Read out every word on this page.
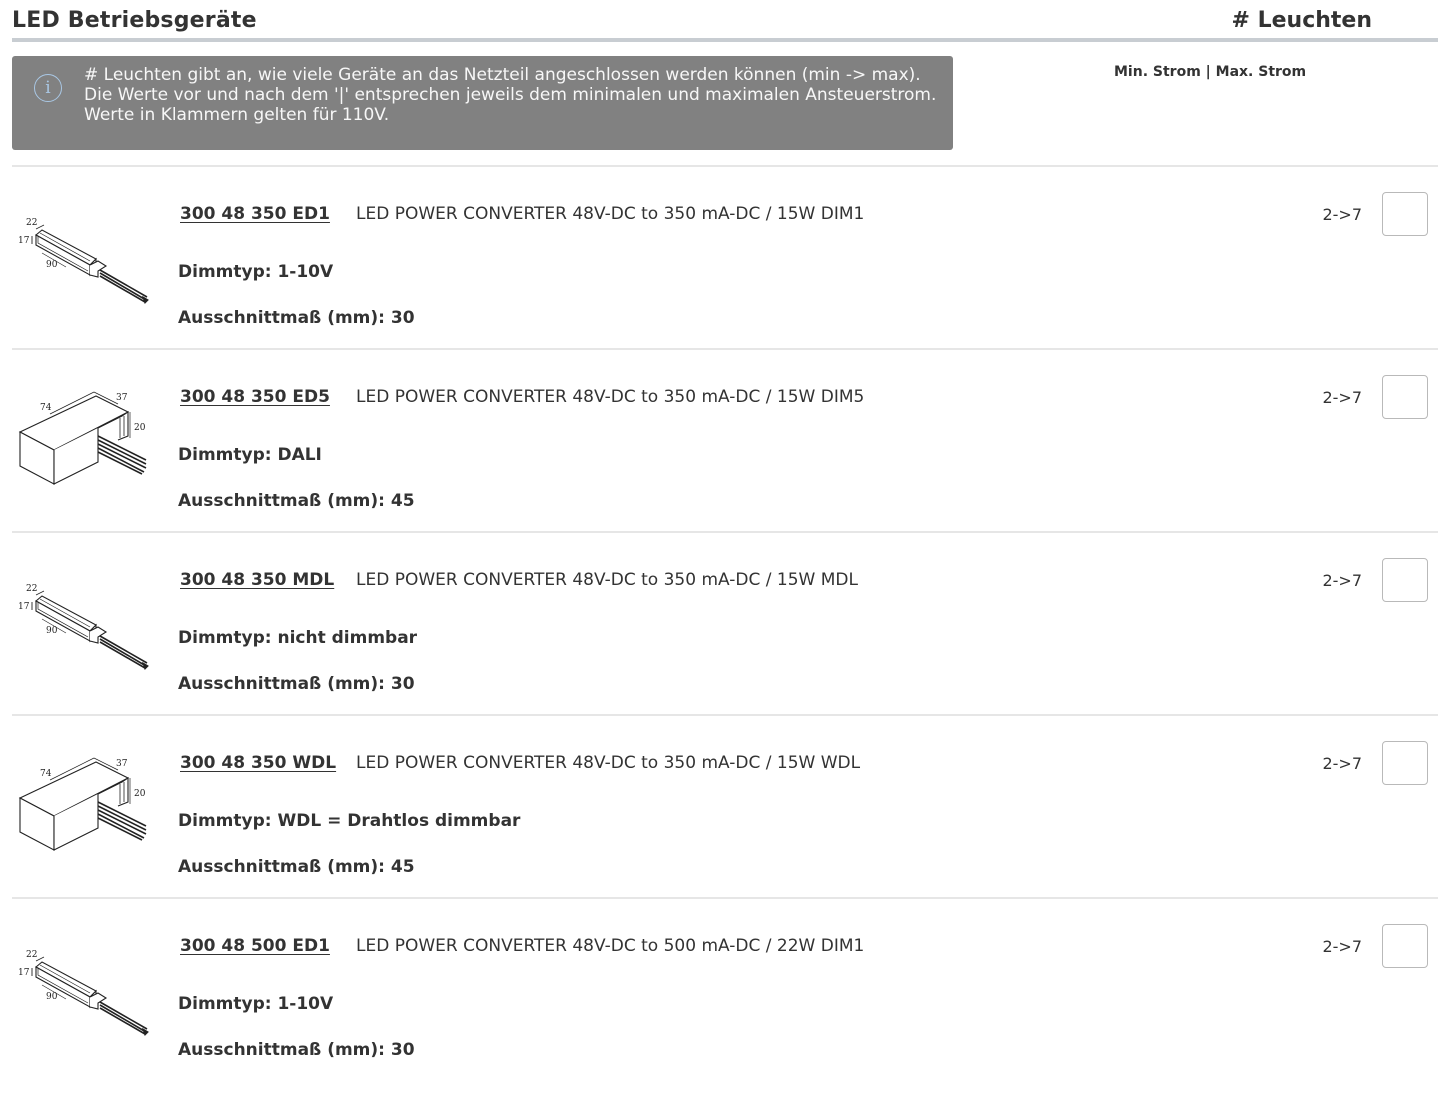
LED Betriebsgeräte	# Leuchten
i
# Leuchten gibt an, wie viele Geräte an das Netzteil angeschlossen werden können (min -> max). Die Werte vor und nach dem '|' entsprechen jeweils dem minimalen und maximalen Ansteuerstrom. Werte in Klammern gelten für 110V.
Min. Strom | Max. Strom
22
17
90
300 48 350 ED1 LED POWER CONVERTER 48V-DC to 350 mA-DC / 15W DIM1
Dimmtyp: 1-10V
Ausschnittmaß (mm): 30
2->7
74
37
20
300 48 350 ED5 LED POWER CONVERTER 48V-DC to 350 mA-DC / 15W DIM5
Dimmtyp: DALI
Ausschnittmaß (mm): 45
2->7
22
17
90
300 48 350 MDL LED POWER CONVERTER 48V-DC to 350 mA-DC / 15W MDL
Dimmtyp: nicht dimmbar
Ausschnittmaß (mm): 30
2->7
74
37
20
300 48 350 WDL LED POWER CONVERTER 48V-DC to 350 mA-DC / 15W WDL
Dimmtyp: WDL = Drahtlos dimmbar
Ausschnittmaß (mm): 45
2->7
22
17
90
300 48 500 ED1 LED POWER CONVERTER 48V-DC to 500 mA-DC / 22W DIM1
Dimmtyp: 1-10V
Ausschnittmaß (mm): 30
2->7
